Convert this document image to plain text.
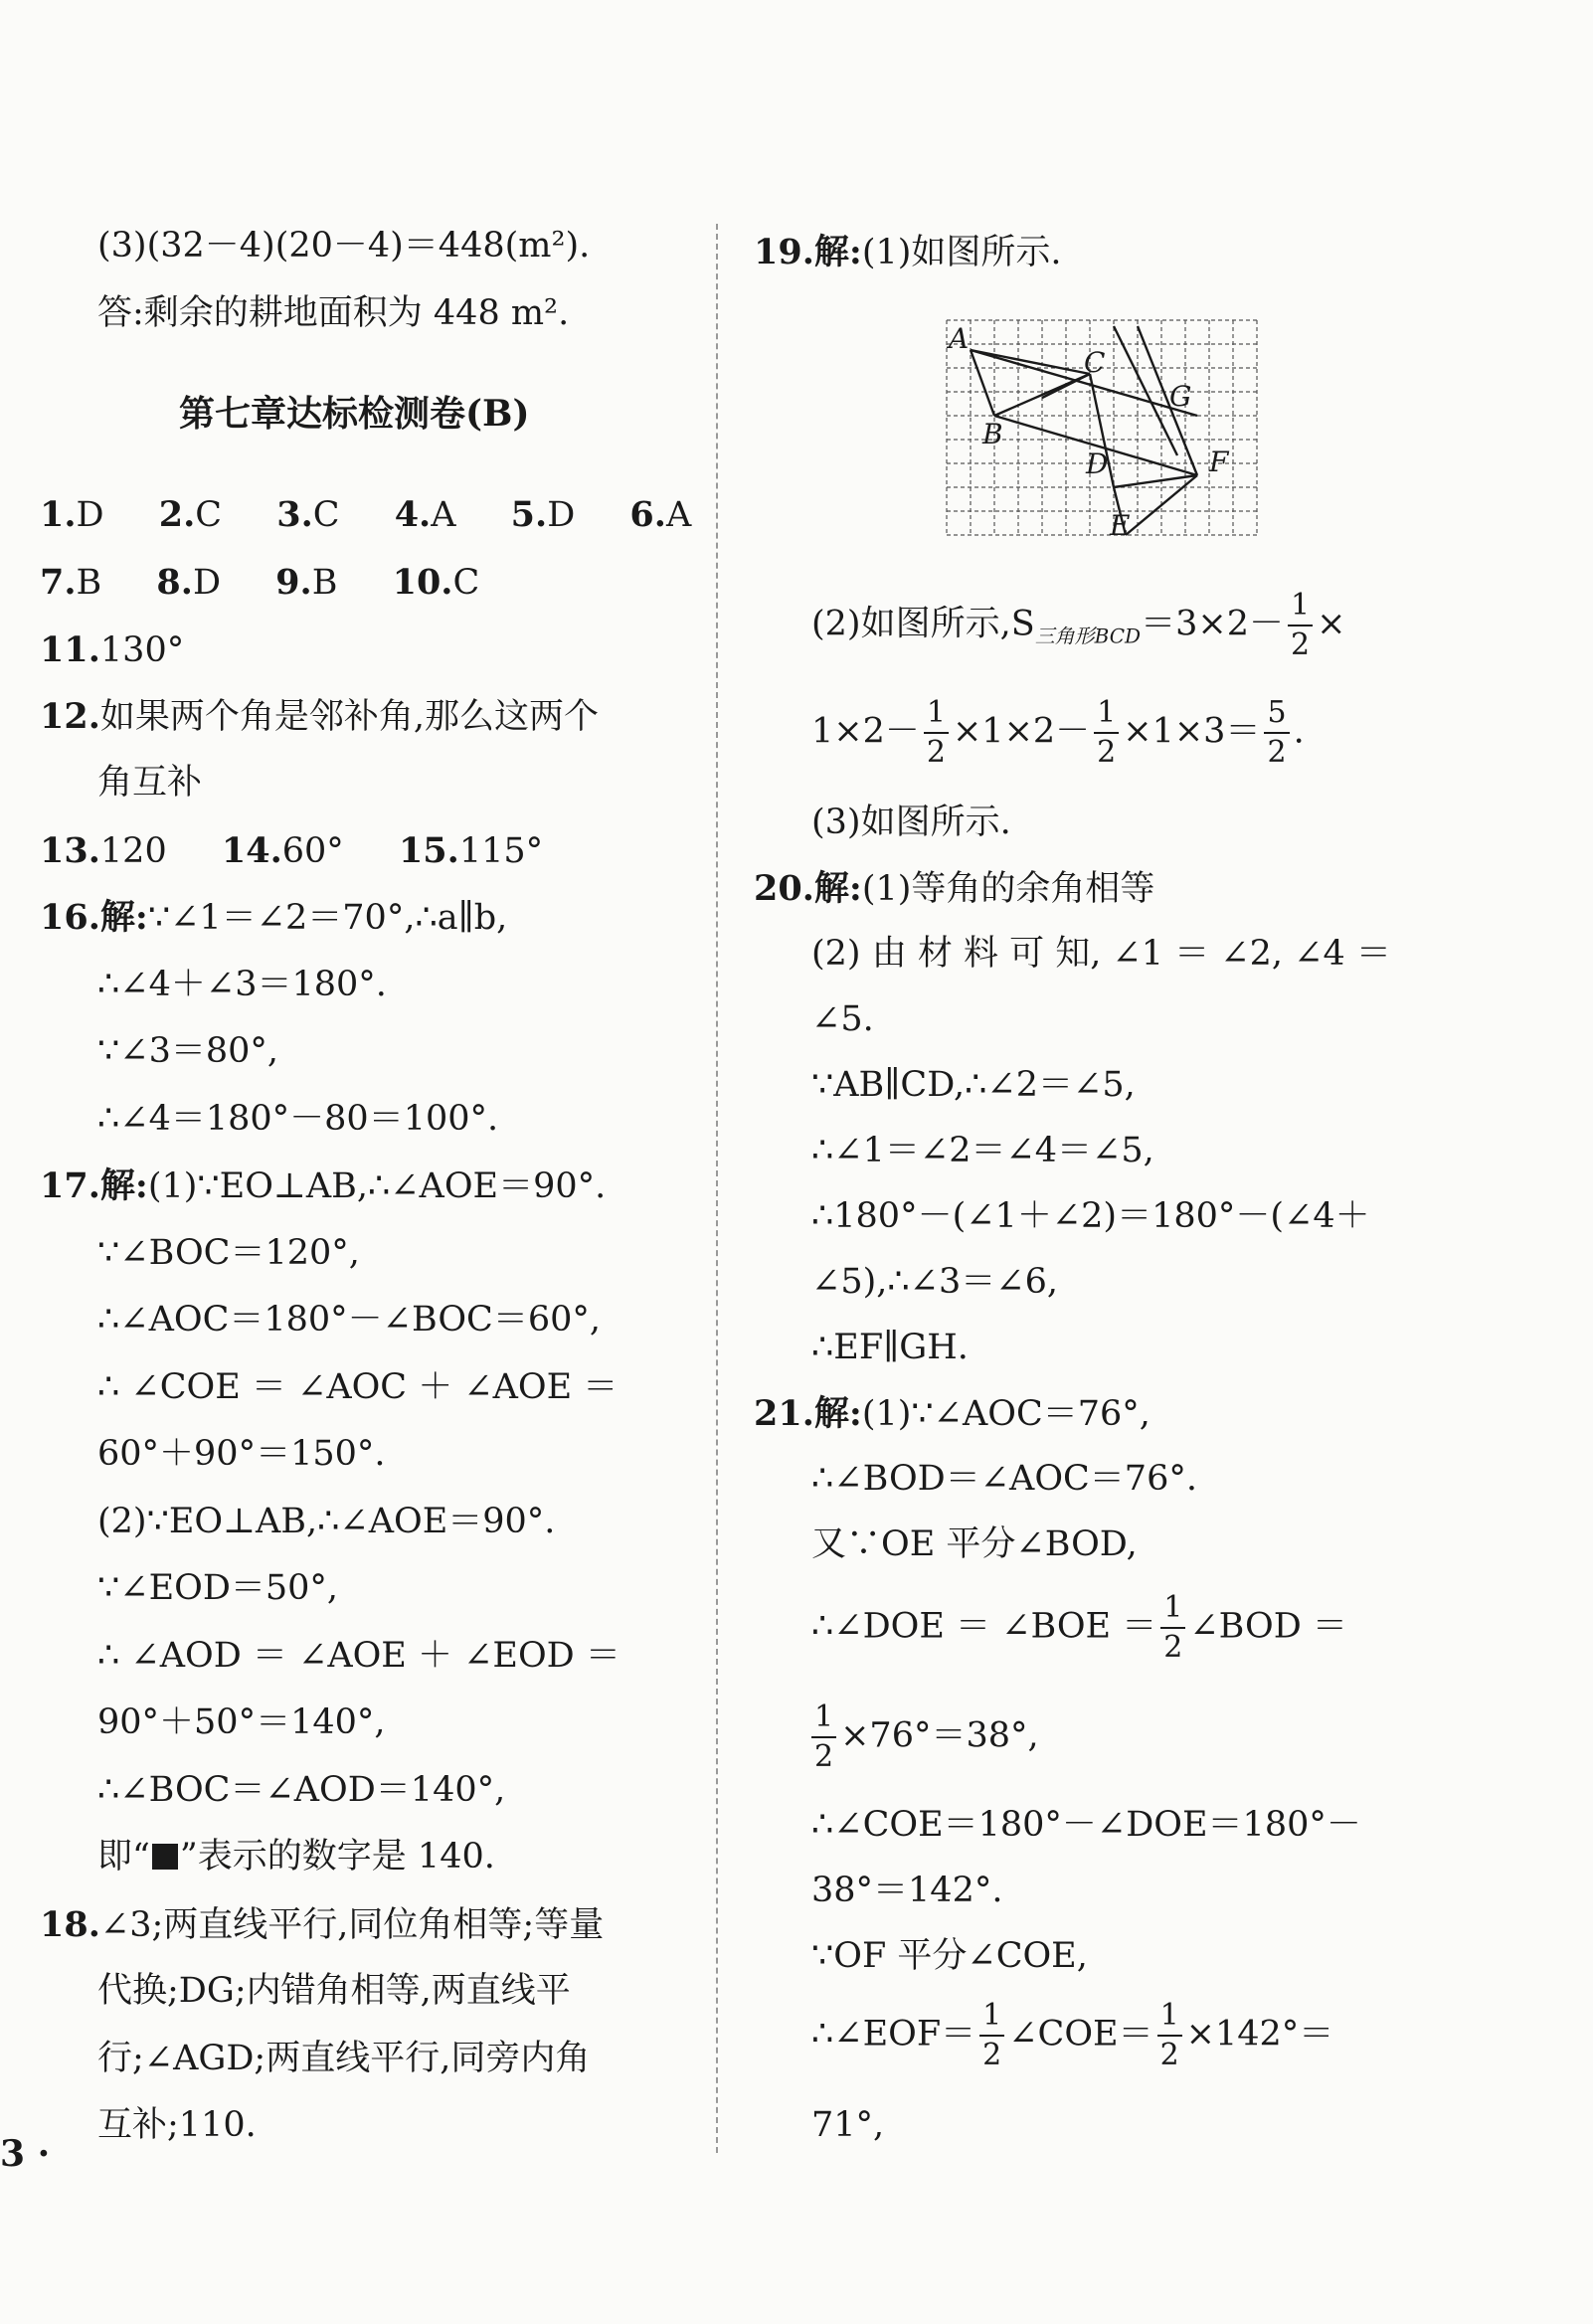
(3)(32－4)(20－4)＝448(m²).
答:剩余的耕地面积为 448 m².
第七章达标检测卷(B)
1.D 2.C 3.C 4.A 5.D 6.A
7.B 8.D 9.B 10.C
11.130°
12.如果两个角是邻补角,那么这两个
角互补
13.120 14.60° 15.115°
16.解:∵∠1＝∠2＝70°,∴a∥b,
∴∠4＋∠3＝180°.
∵∠3＝80°,
∴∠4＝180°－80＝100°.
17.解:(1)∵EO⊥AB,∴∠AOE＝90°.
∵∠BOC＝120°,
∴∠AOC＝180°－∠BOC＝60°,
∴ ∠COE ＝ ∠AOC ＋ ∠AOE ＝
60°＋90°＝150°.
(2)∵EO⊥AB,∴∠AOE＝90°.
∵∠EOD＝50°,
∴ ∠AOD ＝ ∠AOE ＋ ∠EOD ＝
90°＋50°＝140°,
∴∠BOC＝∠AOD＝140°,
即“ ”表示的数字是 140.
18.∠3;两直线平行,同位角相等;等量
代换;DG;内错角相等,两直线平
行;∠AGD;两直线平行,同旁内角
互补;110.
19.解:(1)如图所示.
(2)如图所示$,S_{三角形BCD}=3\times 2- \frac{1}{2}$ ×
$1\times 2- \frac{1}{2} \times 1\times 2- \frac{1}{2} \times 1\times 3= \frac{5}{2}$ .
(3)如图所示.
20.解:(1)等角的余角相等
(2) 由 材 料 可 知, ∠1 ＝ ∠2, ∠4 ＝
∠5.
∵AB∥CD,∴∠2＝∠5,
∴∠1＝∠2＝∠4＝∠5,
∴180°－(∠1＋∠2)＝180°－(∠4＋
∠5),∴∠3＝∠6,
∴EF∥GH.
21.解:(1)∵∠AOC＝76°,
∴∠BOD＝∠AOC＝76°.
又∵OE 平分∠BOD,
∴∠DOE ＝ ∠BOE ＝ $\frac{1}{2}$ ∠BOD ＝
$\frac{1}{2} \times 76^\circ=38^\circ$,
∴∠COE＝180°－∠DOE＝180°－
38°＝142°.
∵OF 平分∠COE,
∴∠EOF＝ $\frac{1}{2}$ ∠COE＝ $\frac{1}{2} \times 142^\circ=$
71°,
A
B
C
D
E
F
G
3 ·
